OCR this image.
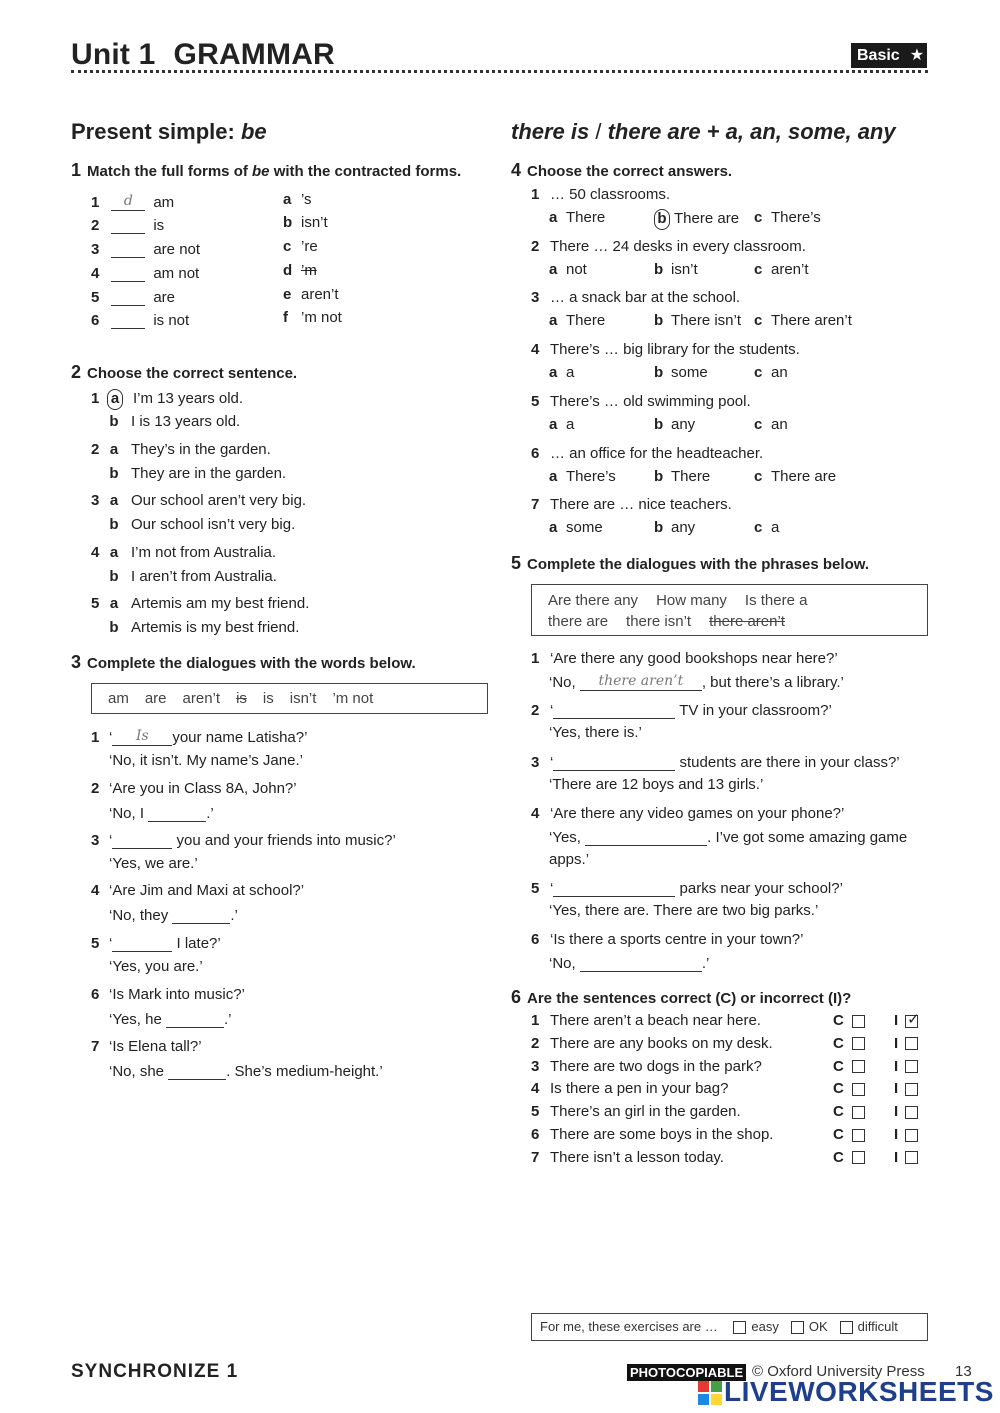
Unit 1 GRAMMAR	Basic ★
Present simple: be	there is / there are + a, an, some, any
1 Match the full forms of be with the contracted forms.
2 Choose the correct sentence.
3 Complete the dialogues with the words below.
am are aren’t is is isn’t ’m not
4 Choose the correct answers.
5 Complete the dialogues with the phrases below.
Are there any How many Is there a
there are there isn’t there aren’t
6 Are the sentences correct (C) or incorrect (I)?
For me, these exercises are …	easy OK difficult
SYNCHRONIZE 1	PHOTOCOPIABLE © Oxford University Press 13
LIVEWORKSHEETS
1 d am
2	is
3	are not
4	am not
5	are
6	is not
a ’s
b isn’t
c ’re
d ’m
e aren’t
f ’m not
1 a I’m 13 years old.
b I is 13 years old.
2 a They’s in the garden.
b They are in the garden.
3 a Our school aren’t very big.
b Our school isn’t very big.
4 a I’m not from Australia.
b I aren’t from Australia.
5 a Artemis am my best friend.
b Artemis is my best friend.
1 ‘ Is your name Latisha?’
‘No, it isn’t. My name’s Jane.’
2 ‘Are you in Class 8A, John?’
‘No, I	.’
3 ‘	you and your friends into music?’
‘Yes, we are.’
4 ‘Are Jim and Maxi at school?’
‘No, they	.’
5 ‘	I late?’
‘Yes, you are.’
6 ‘Is Mark into music?’
‘Yes, he	.’
7 ‘Is Elena tall?’
‘No, she	. She’s medium-height.’
1 … 50 classrooms.
a There	b There are c There’s
2 There … 24 desks in every classroom.
a not	b isn’t	c aren’t
3 … a snack bar at the school.
a There	b There isn’t c There aren’t
4 There’s … big library for the students.
a a	b some	c an
5 There’s … old swimming pool.
a a	b any	c an
6 … an office for the headteacher.
a There’s	b There	c There are
7 There are … nice teachers.
a some	b any	c a
1 ‘Are there any good bookshops near here?’
‘No, there aren’t , but there’s a library.’
2 ‘	TV in your classroom?’
‘Yes, there is.’
3 ‘	students are there in your class?’
‘There are 12 boys and 13 girls.’
4 ‘Are there any video games on your phone?’
‘Yes,	. I’ve got some amazing game
apps.’
5 ‘	parks near your school?’
‘Yes, there are. There are two big parks.’
6 ‘Is there a sports centre in your town?’
‘No,	.’
1 There aren’t a beach near here.	C	I ✓
2 There are any books on my desk.	C	I
3 There are two dogs in the park?	C	I
4 Is there a pen in your bag?	C	I
5 There’s an girl in the garden.	C	I
6 There are some boys in the shop.	C	I
7 There isn’t a lesson today.	C	I
